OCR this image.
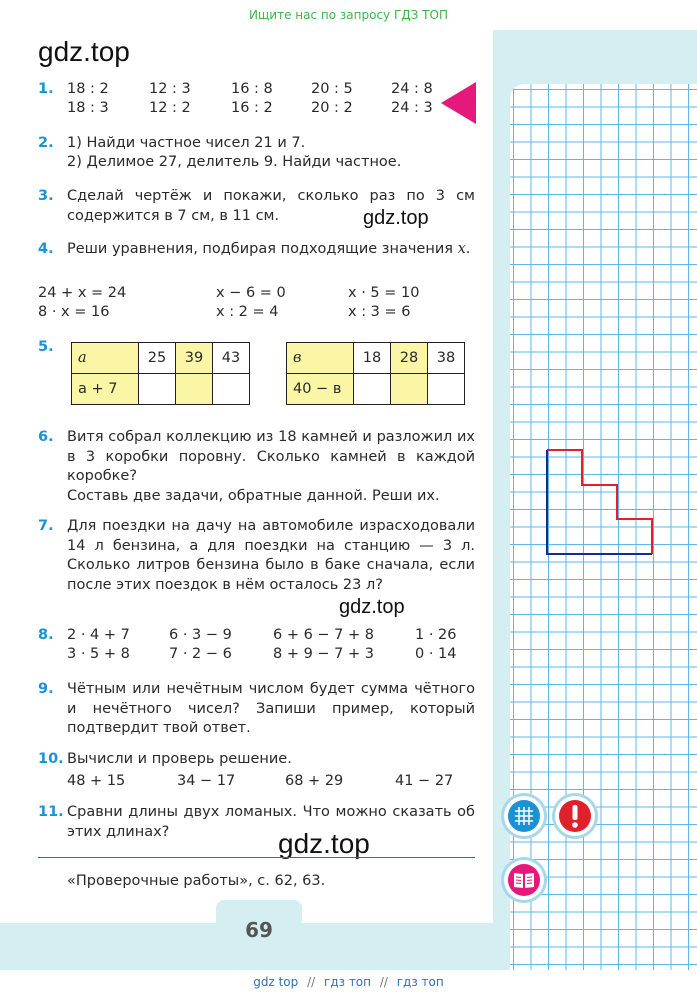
Ищите нас по запросу ГДЗ ТОП
gdz.top
1. 18 : 2	12 : 3	16 : 8	20 : 5	24 : 8
18 : 3	12 : 2	16 : 2	20 : 2	24 : 3
2. 1) Найди частное чисел 21 и 7.
2) Делимое 27, делитель 9. Найди частное.
3. Сделай чертёж и покажи, сколько раз по 3 см содержится в 7 см, в 11 см.	gdz.top
4. Реши уравнения, подбирая подходящие значения x.
24 + x = 24	x − 6 = 0	x · 5 = 10
8 · x = 16	x : 2 = 4	x : 3 = 6
5.
a	25	39	43
a + 7			
в	18	28	38
40 − в			
6. Витя собрал коллекцию из 18 камней и разложил их в 3 коробки поровну. Сколько камней в каждой коробке?
Составь две задачи, обратные данной. Реши их.
7. Для поездки на дачу на автомобиле израсходовали 14 л бензина, а для поездки на станцию — 3 л. Сколько литров бензина было в баке сначала, если после этих поездок в нём осталось 23 л?
gdz.top
8. 2 · 4 + 7	6 · 3 − 9	6 + 6 − 7 + 8	1 · 26
3 · 5 + 8	7 · 2 − 6	8 + 9 − 7 + 3	0 · 14
9. Чётным или нечётным числом будет сумма чётного и нечётного чисел? Запиши пример, который подтвердит твой ответ.
10. Вычисли и проверь решение.
48 + 15	34 − 17	68 + 29	41 − 27
11. Сравни длины двух ломаных. Что можно сказать об этих длинах?	gdz.top
«Проверочные работы», с. 62, 63.
69
gdz top // гдз топ // гдз топ
